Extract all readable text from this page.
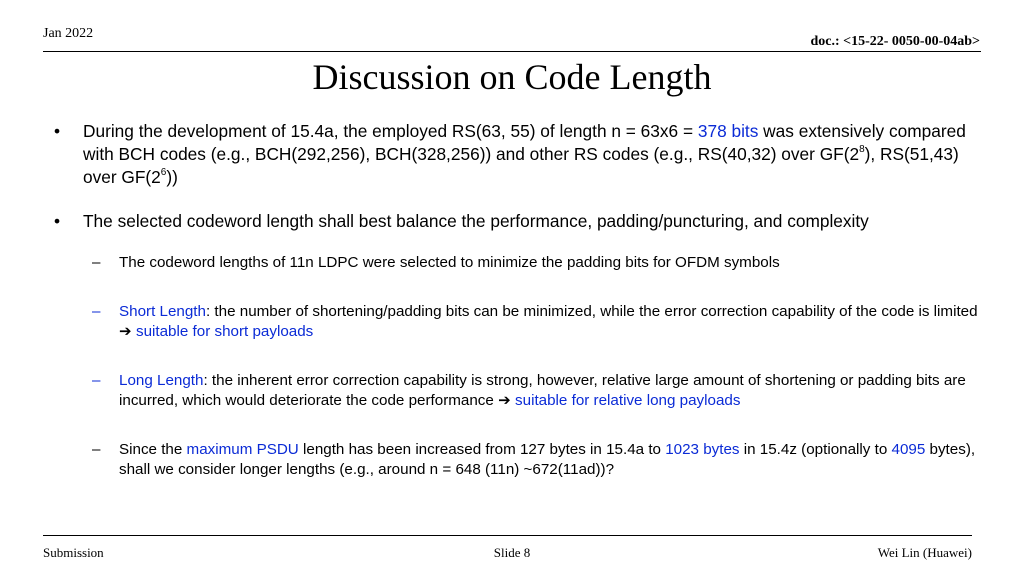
Jan 2022
doc.: <15-22- 0050-00-04ab>
Discussion on Code Length
• During the development of 15.4a, the employed RS(63, 55) of length n = 63x6 = 378 bits was extensively compared with BCH codes (e.g., BCH(292,256), BCH(328,256)) and other RS codes (e.g., RS(40,32) over $GF(2^8)$, RS(51,43) over $GF(2^6)$)
• The selected codeword length shall best balance the performance, padding/puncturing, and complexity
– The codeword lengths of 11n LDPC were selected to minimize the padding bits for OFDM symbols
– Short Length: the number of shortening/padding bits can be minimized, while the error correction capability of the code is limited ➔ suitable for short payloads
– Long Length: the inherent error correction capability is strong, however, relative large amount of shortening or padding bits are incurred, which would deteriorate the code performance ➔ suitable for relative long payloads
– Since the maximum PSDU length has been increased from 127 bytes in 15.4a to 1023 bytes in 15.4z (optionally to 4095 bytes), shall we consider longer lengths (e.g., around n = 648 (11n) ~672(11ad))?
Submission	Slide 8	Wei Lin (Huawei)
